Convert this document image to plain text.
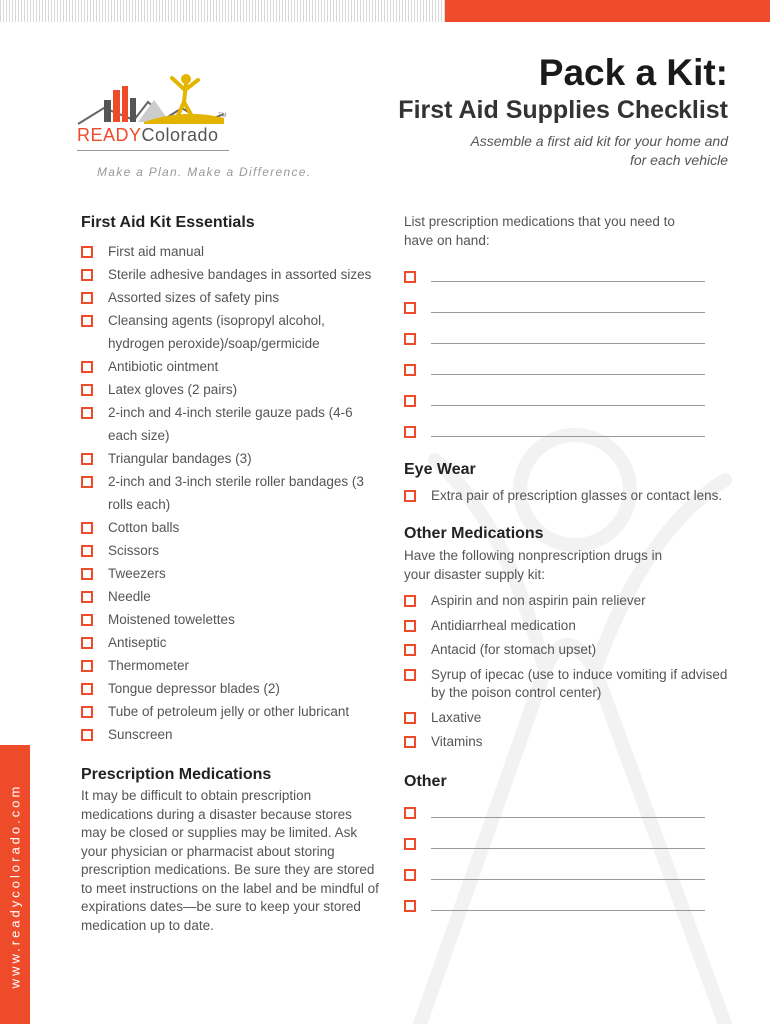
TM
READYColorado
Make a Plan. Make a Difference.
Pack a Kit:
First Aid Supplies Checklist

Assemble a first aid kit for your home and for each vehicle

www.readycolorado.com
First Aid Kit Essentials
First aid manual
Sterile adhesive bandages in assorted sizes
Assorted sizes of safety pins
Cleansing agents (isopropyl alcohol, hydrogen peroxide)/soap/germicide
Antibiotic ointment
Latex gloves (2 pairs)
2-inch and 4-inch sterile gauze pads (4-6 each size)
Triangular bandages (3)
2-inch and 3-inch sterile roller bandages (3 rolls each)
Cotton balls
Scissors
Tweezers
Needle
Moistened towelettes
Antiseptic
Thermometer
Tongue depressor blades (2)
Tube of petroleum jelly or other lubricant
Sunscreen
Prescription Medications

It may be difficult to obtain prescription medications during a disaster because stores may be closed or supplies may be limited. Ask your physician or pharmacist about storing prescription medications. Be sure they are stored to meet instructions on the label and be mindful of expirations dates—be sure to keep your stored medication up to date.

List prescription medications that you need to have on hand:

Eye Wear
Extra pair of prescription glasses or contact lens.
Other Medications

Have the following nonprescription drugs in your disaster supply kit:

Aspirin and non aspirin pain reliever
Antidiarrheal medication
Antacid (for stomach upset)
Syrup of ipecac (use to induce vomiting if advised by the poison control center)
Laxative
Vitamins
Other
